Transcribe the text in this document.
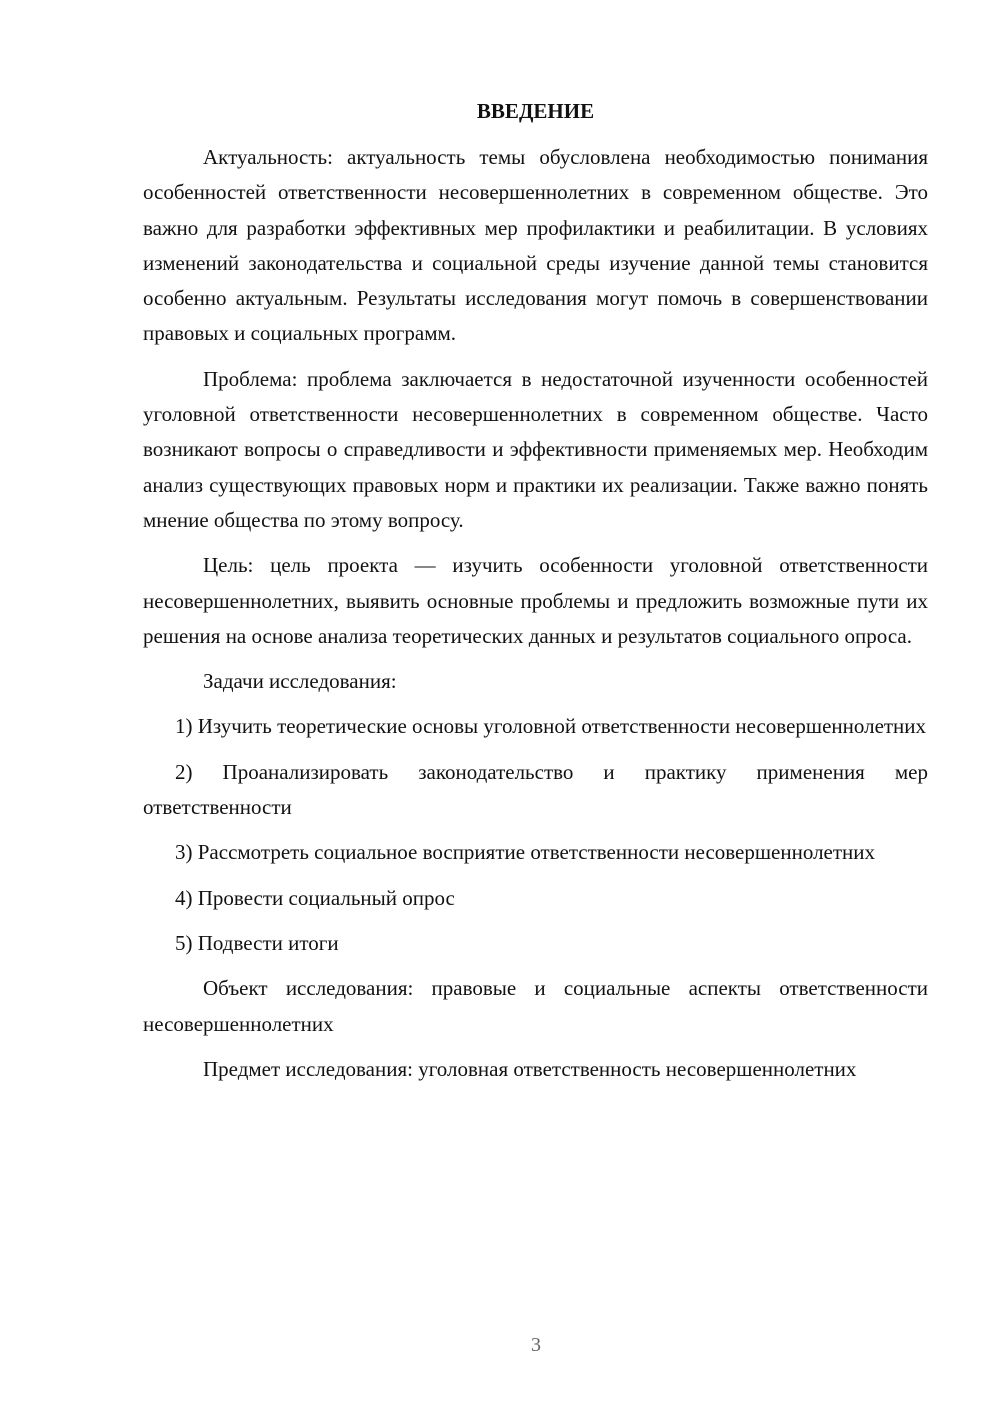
ВВЕДЕНИЕ

Актуальность: актуальность темы обусловлена необходимостью понимания особенностей ответственности несовершеннолетних в современном обществе. Это важно для разработки эффективных мер профилактики и реабилитации. В условиях изменений законодательства и социальной среды изучение данной темы становится особенно актуальным. Результаты исследования могут помочь в совершенствовании правовых и социальных программ.

Проблема: проблема заключается в недостаточной изученности особенностей уголовной ответственности несовершеннолетних в современном обществе. Часто возникают вопросы о справедливости и эффективности применяемых мер. Необходим анализ существующих правовых норм и практики их реализации. Также важно понять мнение общества по этому вопросу.

Цель: цель проекта — изучить особенности уголовной ответственности несовершеннолетних, выявить основные проблемы и предложить возможные пути их решения на основе анализа теоретических данных и результатов социального опроса.

Задачи исследования:

1) Изучить теоретические основы уголовной ответственности несовершеннолетних

2) Проанализировать законодательство и практику применения мер ответственности

3) Рассмотреть социальное восприятие ответственности несовершеннолетних

4) Провести социальный опрос

5) Подвести итоги

Объект исследования: правовые и социальные аспекты ответственности несовершеннолетних

Предмет исследования: уголовная ответственность несовершеннолетних

3
